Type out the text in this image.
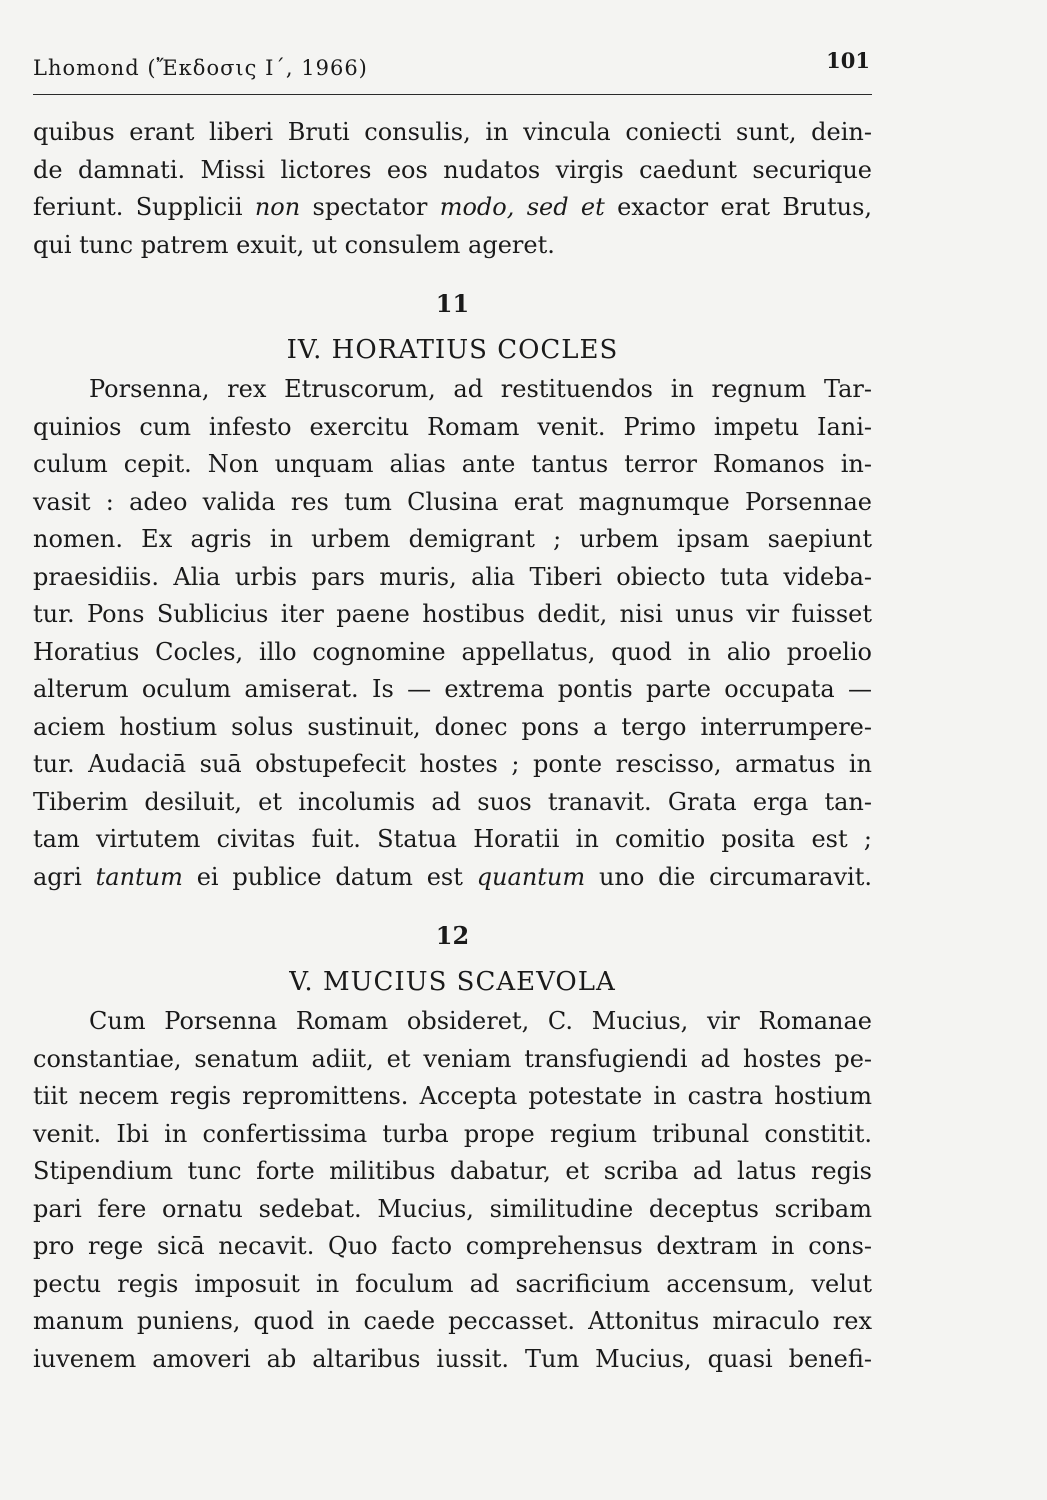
Lhomond (Ἔκδοσις Ι΄, 1966)	101

quibus erant liberi Bruti consulis, in vincula coniecti sunt, dein-
de damnati. Missi lictores eos nudatos virgis caedunt securique
feriunt. Supplicii non spectator modo, sed et exactor erat Brutus,
qui tunc patrem exuit, ut consulem ageret.

11
IV. HORATIUS COCLES

Porsenna, rex Etruscorum, ad restituendos in regnum Tar-
quinios cum infesto exercitu Romam venit. Primo impetu Iani-
culum cepit. Non unquam alias ante tantus terror Romanos in-
vasit : adeo valida res tum Clusina erat magnumque Porsennae
nomen. Ex agris in urbem demigrant ; urbem ipsam saepiunt
praesidiis. Alia urbis pars muris, alia Tiberi obiecto tuta videba-
tur. Pons Sublicius iter paene hostibus dedit, nisi unus vir fuisset
Horatius Cocles, illo cognomine appellatus, quod in alio proelio
alterum oculum amiserat. Is — extrema pontis parte occupata —
aciem hostium solus sustinuit, donec pons a tergo interrumpere-
tur. Audaciā suā obstupefecit hostes ; ponte rescisso, armatus in
Tiberim desiluit, et incolumis ad suos tranavit. Grata erga tan-
tam virtutem civitas fuit. Statua Horatii in comitio posita est ;
agri tantum ei publice datum est quantum uno die circumaravit.

12
V. MUCIUS SCAEVOLA

Cum Porsenna Romam obsideret, C. Mucius, vir Romanae
constantiae, senatum adiit, et veniam transfugiendi ad hostes pe-
tiit necem regis repromittens. Accepta potestate in castra hostium
venit. Ibi in confertissima turba prope regium tribunal constitit.
Stipendium tunc forte militibus dabatur, et scriba ad latus regis
pari fere ornatu sedebat. Mucius, similitudine deceptus scribam
pro rege sicā necavit. Quo facto comprehensus dextram in cons-
pectu regis imposuit in foculum ad sacrificium accensum, velut
manum puniens, quod in caede peccasset. Attonitus miraculo rex
iuvenem amoveri ab altaribus iussit. Tum Mucius, quasi benefi-
